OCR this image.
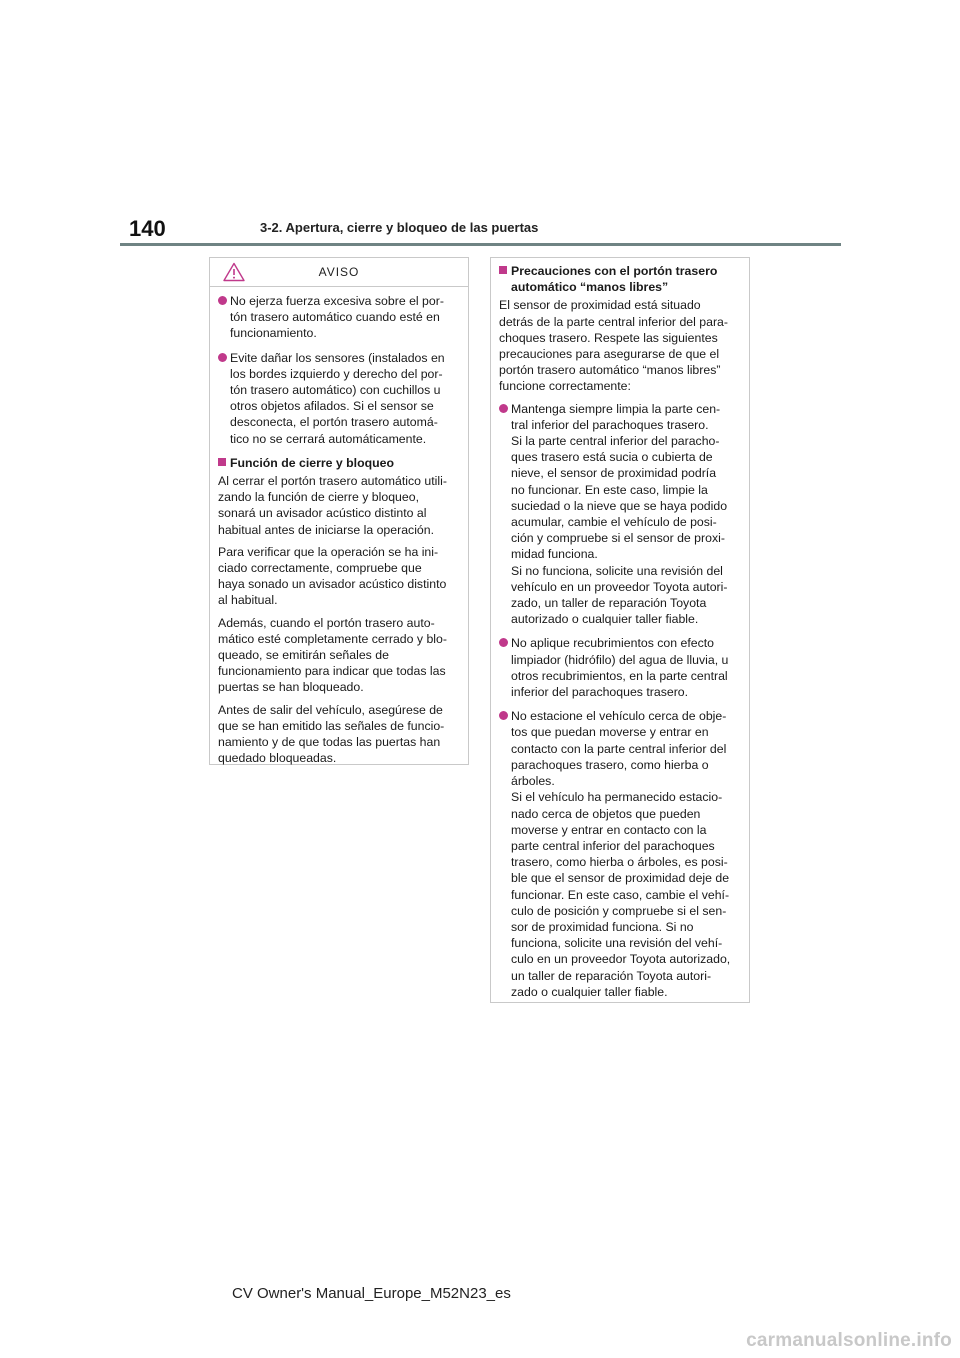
140	3-2. Apertura, cierre y bloqueo de las puertas
AVISO
No ejerza fuerza excesiva sobre el por-
tón trasero automático cuando esté en
funcionamiento.
Evite dañar los sensores (instalados en
los bordes izquierdo y derecho del por-
tón trasero automático) con cuchillos u
otros objetos afilados. Si el sensor se
desconecta, el portón trasero automá-
tico no se cerrará automáticamente.
Función de cierre y bloqueo
Al cerrar el portón trasero automático utili-
zando la función de cierre y bloqueo,
sonará un avisador acústico distinto al
habitual antes de iniciarse la operación.
Para verificar que la operación se ha ini-
ciado correctamente, compruebe que
haya sonado un avisador acústico distinto
al habitual.
Además, cuando el portón trasero auto-
mático esté completamente cerrado y blo-
queado, se emitirán señales de
funcionamiento para indicar que todas las
puertas se han bloqueado.
Antes de salir del vehículo, asegúrese de
que se han emitido las señales de funcio-
namiento y de que todas las puertas han
quedado bloqueadas.
Precauciones con el portón trasero
automático “manos libres”
El sensor de proximidad está situado
detrás de la parte central inferior del para-
choques trasero. Respete las siguientes
precauciones para asegurarse de que el
portón trasero automático “manos libres”
funcione correctamente:
Mantenga siempre limpia la parte cen-
tral inferior del parachoques trasero.
Si la parte central inferior del paracho-
ques trasero está sucia o cubierta de
nieve, el sensor de proximidad podría
no funcionar. En este caso, limpie la
suciedad o la nieve que se haya podido
acumular, cambie el vehículo de posi-
ción y compruebe si el sensor de proxi-
midad funciona.
Si no funciona, solicite una revisión del
vehículo en un proveedor Toyota autori-
zado, un taller de reparación Toyota
autorizado o cualquier taller fiable.
No aplique recubrimientos con efecto
limpiador (hidrófilo) del agua de lluvia, u
otros recubrimientos, en la parte central
inferior del parachoques trasero.
No estacione el vehículo cerca de obje-
tos que puedan moverse y entrar en
contacto con la parte central inferior del
parachoques trasero, como hierba o
árboles.
Si el vehículo ha permanecido estacio-
nado cerca de objetos que pueden
moverse y entrar en contacto con la
parte central inferior del parachoques
trasero, como hierba o árboles, es posi-
ble que el sensor de proximidad deje de
funcionar. En este caso, cambie el vehí-
culo de posición y compruebe si el sen-
sor de proximidad funciona. Si no
funciona, solicite una revisión del vehí-
culo en un proveedor Toyota autorizado,
un taller de reparación Toyota autori-
zado o cualquier taller fiable.
CV Owner's Manual_Europe_M52N23_es
carmanualsonline.info
